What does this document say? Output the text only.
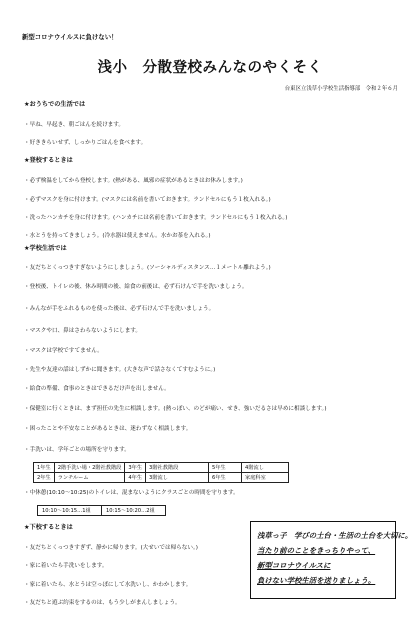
新型コロナウイルスに負けない！
浅小　分散登校みんなのやくそく
台東区立浅草小学校生活指導部　令和２年６月
★おうちでの生活では
・早ね、早起き、朝ごはんを続けます。
・好ききらいせず、しっかりごはんを食べます。
★登校するときは
・必ず検温をしてから登校します。(熱がある、風邪の症状があるときはお休みします。)
・必ずマスクを身に付けます。(マスクには名前を書いておきます。ランドセルにもう１枚入れる。)
・洗ったハンカチを身に付けます。(ハンカチには名前を書いておきます。ランドセルにもう１枚入れる。)
・水とうを持ってきましょう。(冷水器は使えません。水かお茶を入れる。)
★学校生活では
・友だちとくっつきすぎないようにしましょう。(ソーシャルディスタンス…１メートル離れよう。)
・登校後、トイレの後、休み時間の後、給食の前後は、必ず石けんで手を洗いましょう。
・みんなが手をふれるものを使った後は、必ず石けんで手を洗いましょう。
・マスクや口、鼻はさわらないようにします。
・マスクは学校ですてません。
・先生や友達の話はしずかに聞きます。(大きな声で話さなくてすむように。)
・給食の準備、食事のときはできるだけ声を出しません。
・保健室に行くときは、まず担任の先生に相談します。(熱っぽい、のどが痛い、せき、強いだるさは早めに相談します。)
・困ったことや不安なことがあるときは、迷わずなく相談します。
・手洗いは、学年ごとの場所を守ります。
1年生	2階手洗い場・2階社教階段	3年生	3階社教階段	5年生	4階流し
2年生	ランチルーム	4年生	3階流し	6年生	家庭科室
・中休憩(10:10〜10:25)のトイレは、混まないようにクラスごとの時間を守ります。
10:10〜10:15…1組	10:15〜10:20…2組
★下校するときは
・友だちとくっつきすぎず、静かに帰ります。(大せいでは帰らない。)
・家に着いたら手洗いをします。
・家に着いたら、水とうは空っぽにして水洗いし、かわかします。
・友だちと遊ぶ約束をするのは、もう少しがまんしましょう。
浅草っ子　学びの土台・生活の土台を大切に。
当たり前のことをきっちりやって、
新型コロナウイルスに
負けない学校生活を送りましょう。
